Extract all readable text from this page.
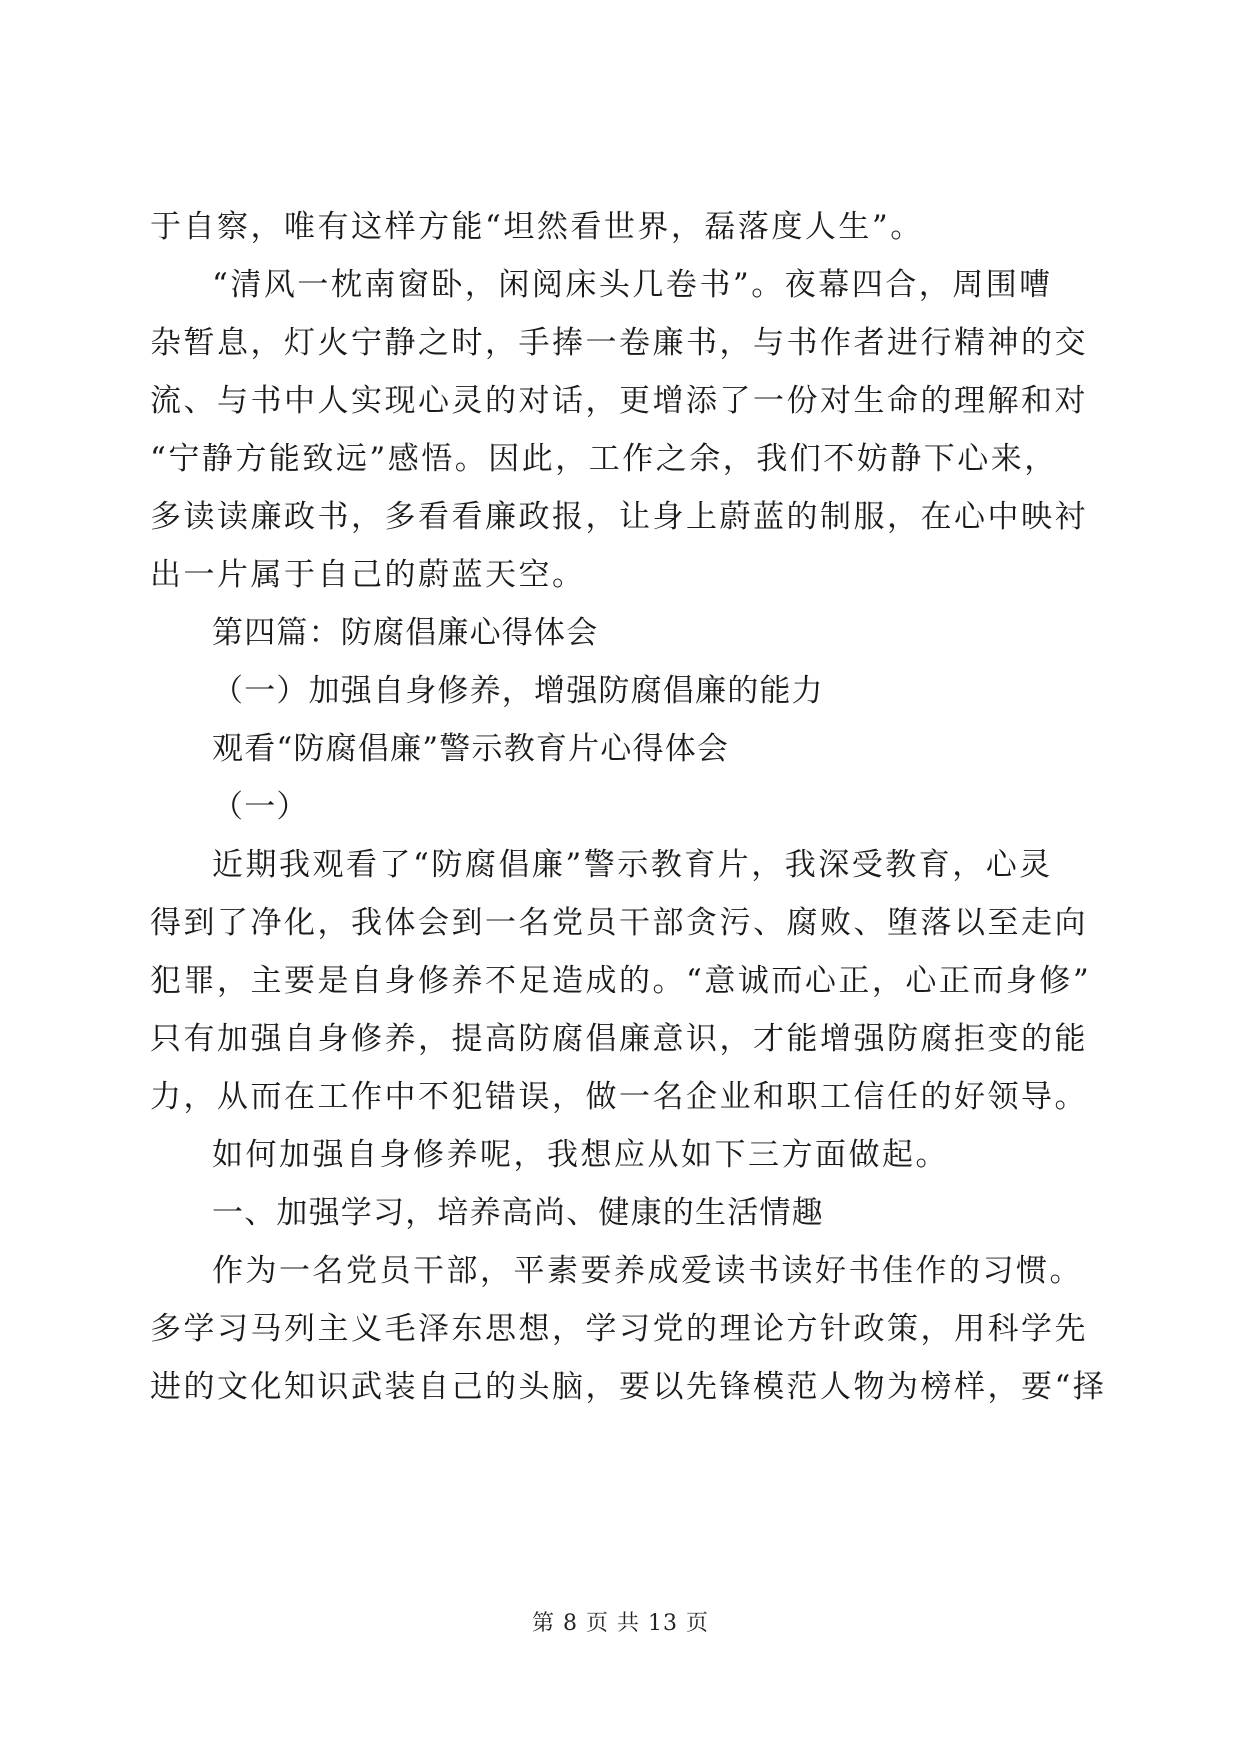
于自察，唯有这样方能“坦然看世界，磊落度人生”。
“清风一枕南窗卧，闲阅床头几卷书”。夜幕四合，周围嘈
杂暂息，灯火宁静之时，手捧一卷廉书，与书作者进行精神的交
流、与书中人实现心灵的对话，更增添了一份对生命的理解和对
“宁静方能致远”感悟。因此，工作之余，我们不妨静下心来，
多读读廉政书，多看看廉政报，让身上蔚蓝的制服，在心中映衬
出一片属于自己的蔚蓝天空。
第四篇：防腐倡廉心得体会
（一）加强自身修养，增强防腐倡廉的能力
观看“防腐倡廉”警示教育片心得体会
（一）
近期我观看了“防腐倡廉”警示教育片，我深受教育，心灵
得到了净化，我体会到一名党员干部贪污、腐败、堕落以至走向
犯罪，主要是自身修养不足造成的。“意诚而心正，心正而身修”
只有加强自身修养，提高防腐倡廉意识，才能增强防腐拒变的能
力，从而在工作中不犯错误，做一名企业和职工信任的好领导。
如何加强自身修养呢，我想应从如下三方面做起。
一、加强学习，培养高尚、健康的生活情趣
作为一名党员干部，平素要养成爱读书读好书佳作的习惯。
多学习马列主义毛泽东思想，学习党的理论方针政策，用科学先
进的文化知识武装自己的头脑，要以先锋模范人物为榜样，要“择
第 8 页 共 13 页
